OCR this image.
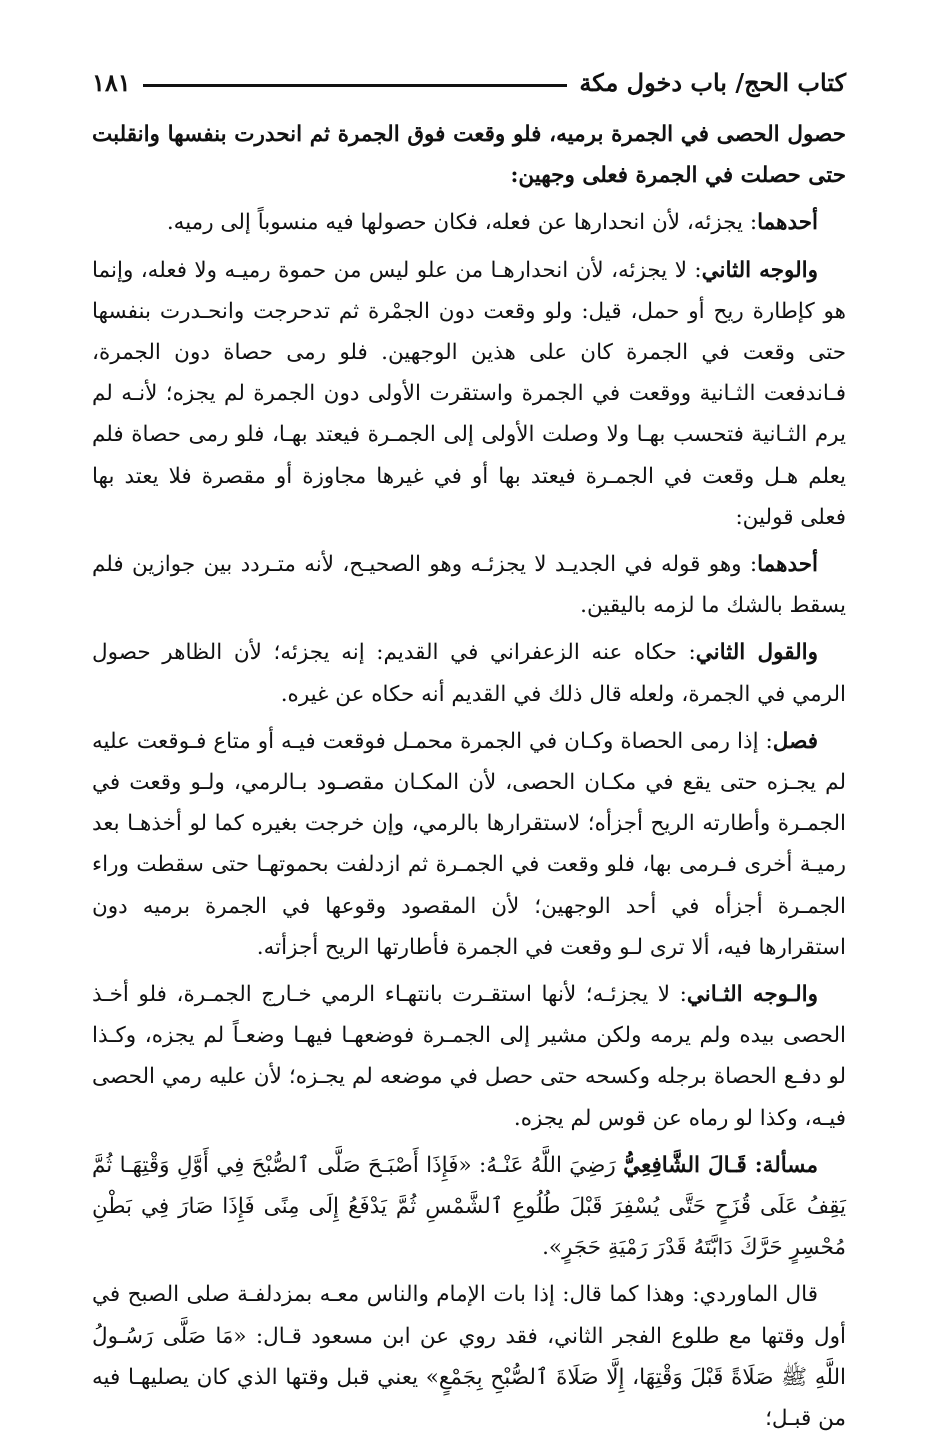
كتاب الحج/ باب دخول مكة
١٨١

حصول الحصى في الجمرة برميه، فلو وقعت فوق الجمرة ثم انحدرت بنفسها وانقلبت حتى حصلت في الجمرة فعلى وجهين:

أحدهما: يجزئه، لأن انحدارها عن فعله، فكان حصولها فيه منسوباً إلى رميه.

والوجه الثاني: لا يجزئه، لأن انحدارهـا من علو ليس من حموة رميـه ولا فعله، وإنما هو كإطارة ريح أو حمل، قيل: ولو وقعت دون الجمْرة ثم تدحرجت وانحـدرت بنفسها حتى وقعت في الجمرة كان على هذين الوجهين. فلو رمى حصاة دون الجمرة، فـاندفعت الثـانية ووقعت في الجمرة واستقرت الأولى دون الجمرة لم يجزه؛ لأنـه لم يرم الثـانية فتحسب بهـا ولا وصلت الأولى إلى الجمـرة فيعتد بهـا، فلو رمى حصاة فلم يعلم هـل وقعت في الجمـرة فيعتد بها أو في غيرها مجاوزة أو مقصرة فلا يعتد بها فعلى قولين:

أحدهما: وهو قوله في الجديـد لا يجزئـه وهو الصحيـح، لأنه متـردد بين جوازين فلم يسقط بالشك ما لزمه باليقين.

والقول الثاني: حكاه عنه الزعفراني في القديم: إنه يجزئه؛ لأن الظاهر حصول الرمي في الجمرة، ولعله قال ذلك في القديم أنه حكاه عن غيره.

فصل: إذا رمى الحصاة وكـان في الجمرة محمـل فوقعت فيـه أو متاع فـوقعت عليه لم يجـزه حتى يقع في مكـان الحصى، لأن المكـان مقصـود بـالرمي، ولـو وقعت في الجمـرة وأطارته الريح أجزأه؛ لاستقرارها بالرمي، وإن خرجت بغيره كما لو أخذهـا بعد رميـة أخرى فـرمى بها، فلو وقعت في الجمـرة ثم ازدلفت بحموتهـا حتى سقطت وراء الجمـرة أجزأه في أحد الوجهين؛ لأن المقصود وقوعها في الجمرة برميه دون استقرارها فيه، ألا ترى لـو وقعت في الجمرة فأطارتها الريح أجزأته.

والـوجه الثـاني: لا يجزئـه؛ لأنها استقـرت بانتهـاء الرمي خـارج الجمـرة، فلو أخـذ الحصى بيده ولم يرمه ولكن مشير إلى الجمـرة فوضعهـا فيهـا وضعـاً لم يجزه، وكـذا لو دفـع الحصاة برجله وكسحه حتى حصل في موضعه لم يجـزه؛ لأن عليه رمي الحصى فيـه، وكذا لو رماه عن قوس لم يجزه.

مسألة: قَـالَ الشَّافِعِيُّ رَضِيَ اللَّهُ عَنْـهُ: «فَإِذَا أَصْبَـحَ صَلَّى ٱلصُّبْحَ فِي أَوَّلِ وَقْتِهَـا ثُمَّ يَقِفُ عَلَى قُزَحٍ حَتَّى يُسْفِرَ قَبْلَ طُلُوعِ ٱلشَّمْسِ ثُمَّ يَدْفَعُ إِلَى مِنًى فَإِذَا صَارَ فِي بَطْنِ مُحْسِرٍ حَرَّكَ دَابَّتَهُ قَدْرَ رَمْيَةِ حَجَرٍ».

قال الماوردي: وهذا كما قال: إذا بات الإمام والناس معـه بمزدلفـة صلى الصبح في أول وقتها مع طلوع الفجر الثاني، فقد روي عن ابن مسعود قـال: «مَا صَلَّى رَسُـولُ اللَّهِ ﷺ صَلَاةً قَبْلَ وَقْتِهَا، إِلَّا صَلَاةَ ٱلصُّبْحِ بِجَمْعٍ» يعني قبل وقتها الذي كان يصليهـا فيه من قبـل؛
